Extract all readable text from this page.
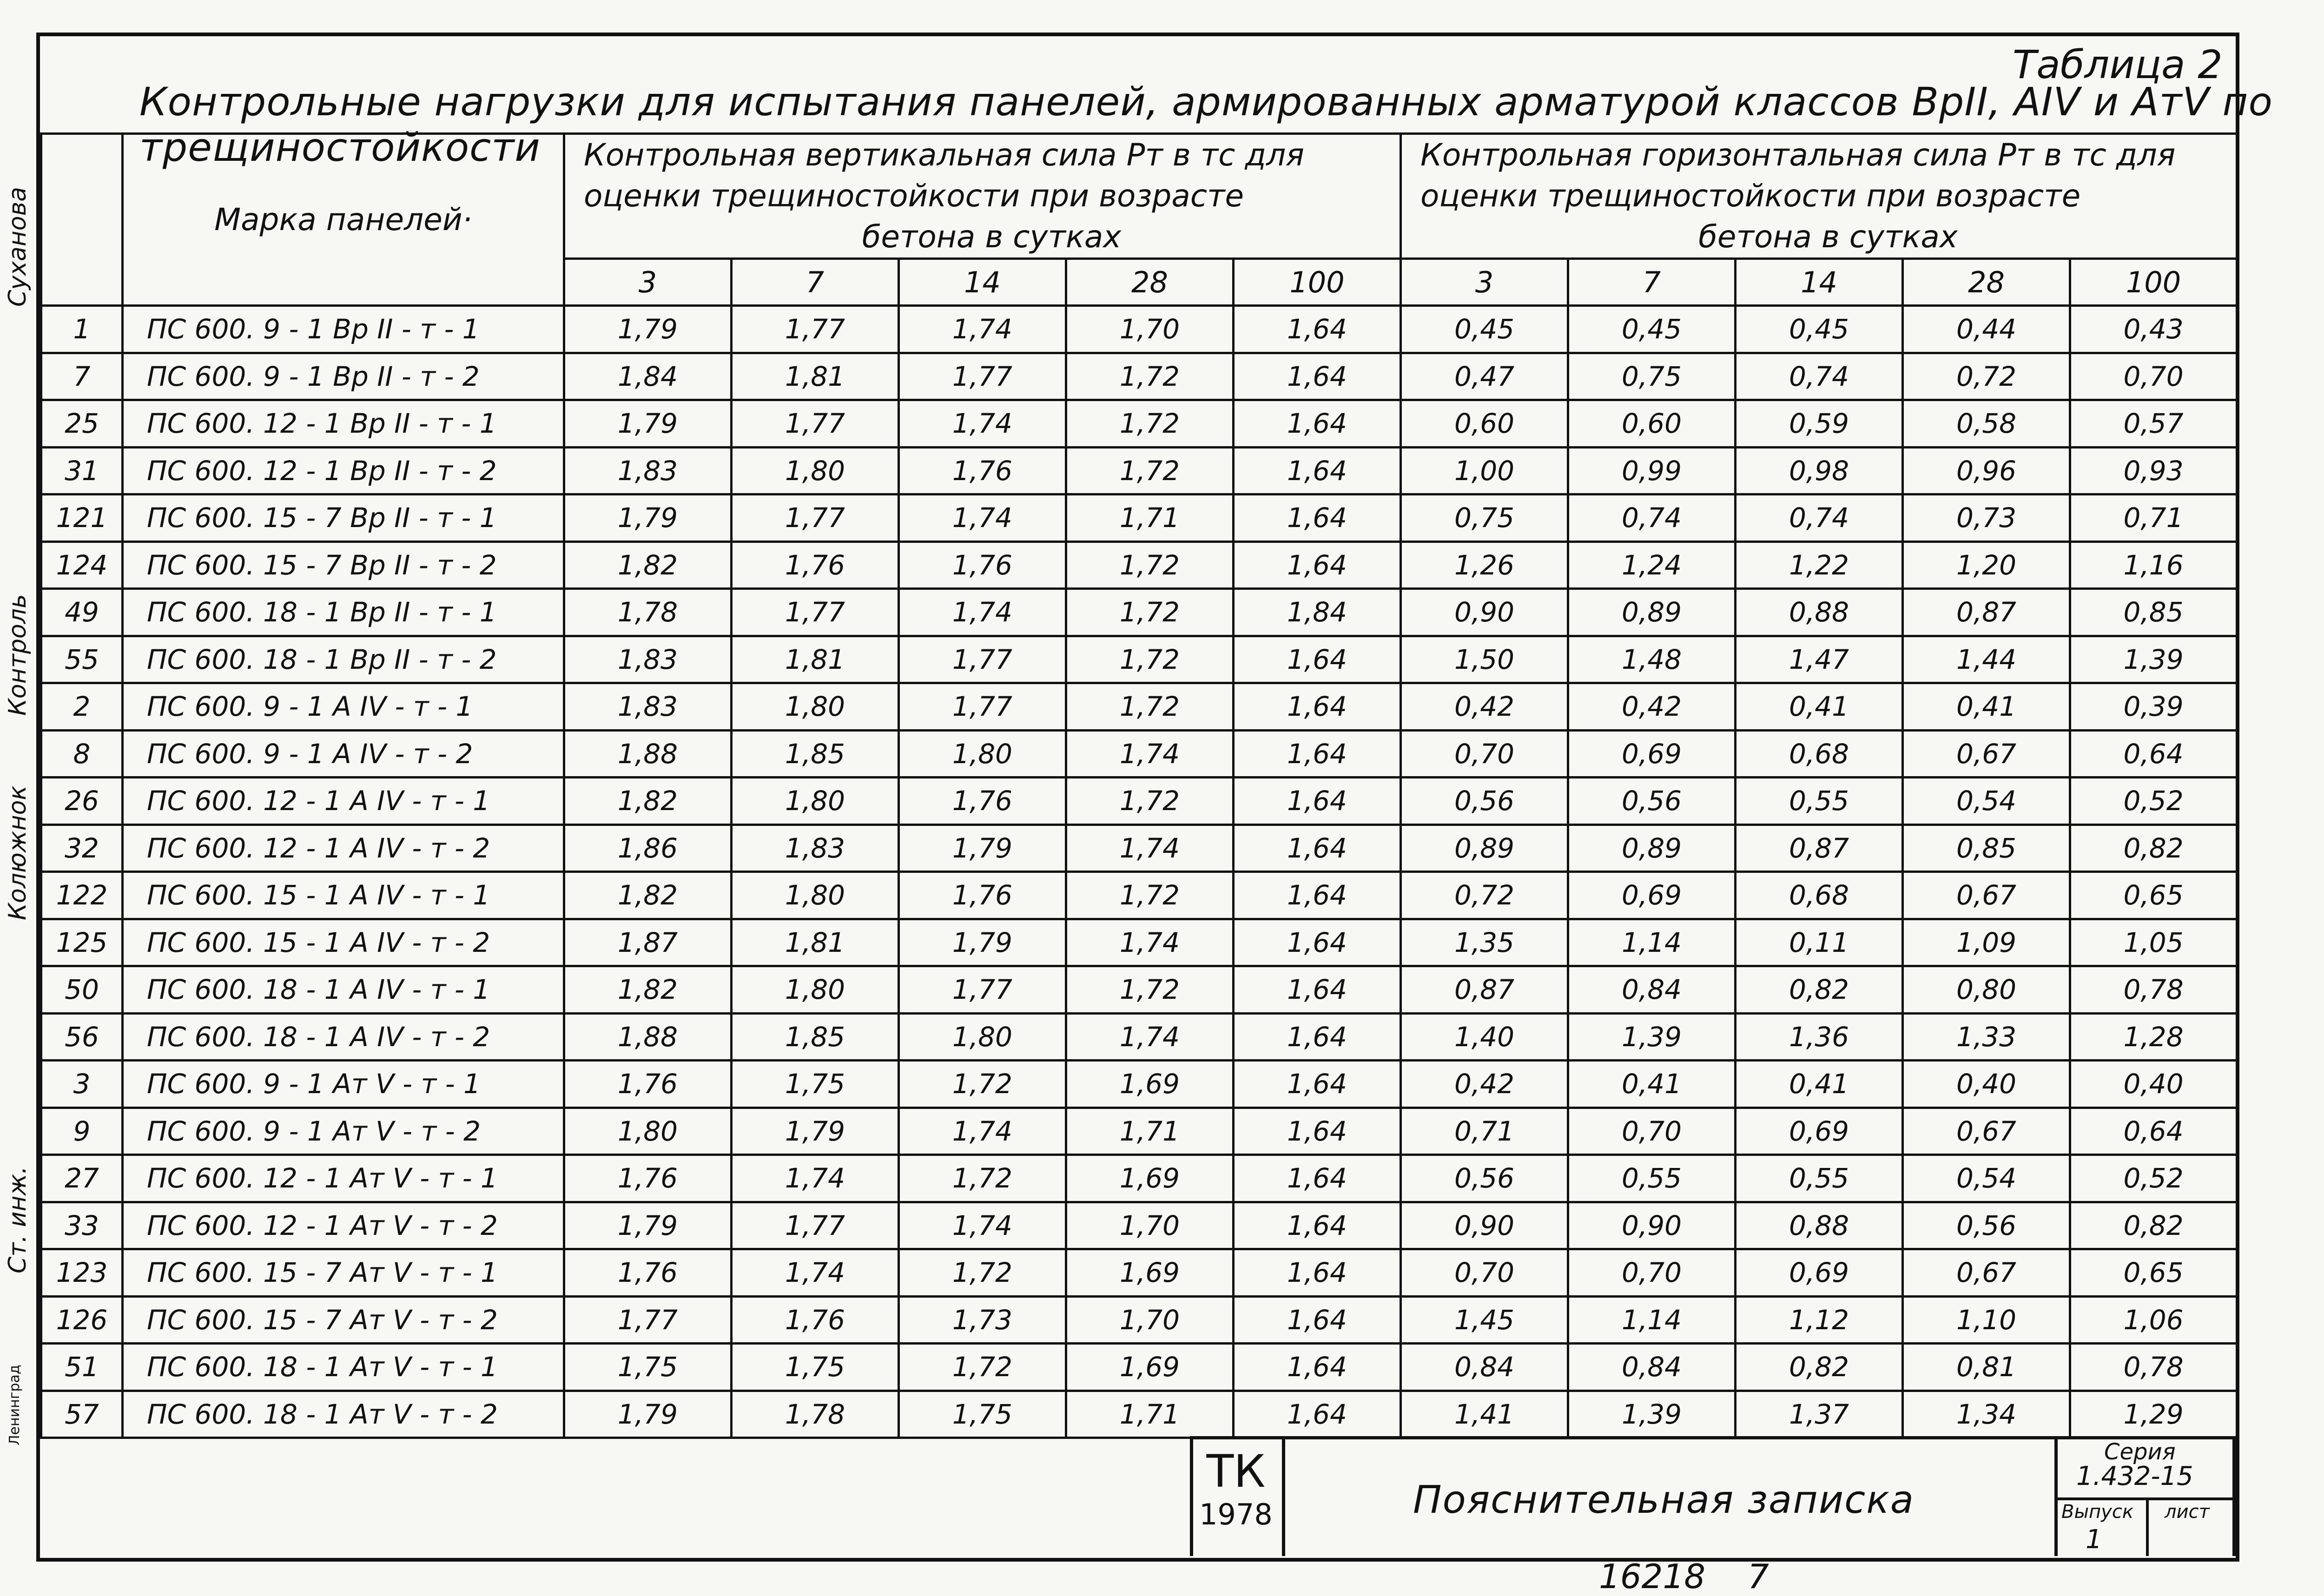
Таблица 2
Контрольные нагрузки для испытания панелей, армированных арматурой классов ВрII, АIV и АтV по трещиностойкости
Суханова
Контроль
Колюжнок
Ст. инж.
Ленинград
	Марка панелей·	Контрольная вертикальная сила Рт в тс для
оценки трещиностойкости при возрасте

бетона в сутках					Контрольная горизонтальная сила Рт в тс для
оценки трещиностойкости при возрасте

бетона в сутках				

		3	7	14	28	100	3	7	14	28	100
1	ПС 600. 9 - 1 Вр II - т - 1	1,79	1,77	1,74	1,70	1,64	0,45	0,45	0,45	0,44	0,43
7	ПС 600. 9 - 1 Вр II - т - 2	1,84	1,81	1,77	1,72	1,64	0,47	0,75	0,74	0,72	0,70
25	ПС 600. 12 - 1 Вр II - т - 1	1,79	1,77	1,74	1,72	1,64	0,60	0,60	0,59	0,58	0,57
31	ПС 600. 12 - 1 Вр II - т - 2	1,83	1,80	1,76	1,72	1,64	1,00	0,99	0,98	0,96	0,93
121	ПС 600. 15 - 7 Вр II - т - 1	1,79	1,77	1,74	1,71	1,64	0,75	0,74	0,74	0,73	0,71
124	ПС 600. 15 - 7 Вр II - т - 2	1,82	1,76	1,76	1,72	1,64	1,26	1,24	1,22	1,20	1,16
49	ПС 600. 18 - 1 Вр II - т - 1	1,78	1,77	1,74	1,72	1,84	0,90	0,89	0,88	0,87	0,85
55	ПС 600. 18 - 1 Вр II - т - 2	1,83	1,81	1,77	1,72	1,64	1,50	1,48	1,47	1,44	1,39
2	ПС 600. 9 - 1 А IV - т - 1	1,83	1,80	1,77	1,72	1,64	0,42	0,42	0,41	0,41	0,39
8	ПС 600. 9 - 1 А IV - т - 2	1,88	1,85	1,80	1,74	1,64	0,70	0,69	0,68	0,67	0,64
26	ПС 600. 12 - 1 А IV - т - 1	1,82	1,80	1,76	1,72	1,64	0,56	0,56	0,55	0,54	0,52
32	ПС 600. 12 - 1 А IV - т - 2	1,86	1,83	1,79	1,74	1,64	0,89	0,89	0,87	0,85	0,82
122	ПС 600. 15 - 1 А IV - т - 1	1,82	1,80	1,76	1,72	1,64	0,72	0,69	0,68	0,67	0,65
125	ПС 600. 15 - 1 А IV - т - 2	1,87	1,81	1,79	1,74	1,64	1,35	1,14	0,11	1,09	1,05
50	ПС 600. 18 - 1 А IV - т - 1	1,82	1,80	1,77	1,72	1,64	0,87	0,84	0,82	0,80	0,78
56	ПС 600. 18 - 1 А IV - т - 2	1,88	1,85	1,80	1,74	1,64	1,40	1,39	1,36	1,33	1,28
3	ПС 600. 9 - 1 Ат V - т - 1	1,76	1,75	1,72	1,69	1,64	0,42	0,41	0,41	0,40	0,40
9	ПС 600. 9 - 1 Ат V - т - 2	1,80	1,79	1,74	1,71	1,64	0,71	0,70	0,69	0,67	0,64
27	ПС 600. 12 - 1 Ат V - т - 1	1,76	1,74	1,72	1,69	1,64	0,56	0,55	0,55	0,54	0,52
33	ПС 600. 12 - 1 Ат V - т - 2	1,79	1,77	1,74	1,70	1,64	0,90	0,90	0,88	0,56	0,82
123	ПС 600. 15 - 7 Ат V - т - 1	1,76	1,74	1,72	1,69	1,64	0,70	0,70	0,69	0,67	0,65
126	ПС 600. 15 - 7 Ат V - т - 2	1,77	1,76	1,73	1,70	1,64	1,45	1,14	1,12	1,10	1,06
51	ПС 600. 18 - 1 Ат V - т - 1	1,75	1,75	1,72	1,69	1,64	0,84	0,84	0,82	0,81	0,78
57	ПС 600. 18 - 1 Ат V - т - 2	1,79	1,78	1,75	1,71	1,64	1,41	1,39	1,37	1,34	1,29
ТК
1978	Пояснительная записка
Серия
1.432-15
Выпуск лист
1
16218 7
